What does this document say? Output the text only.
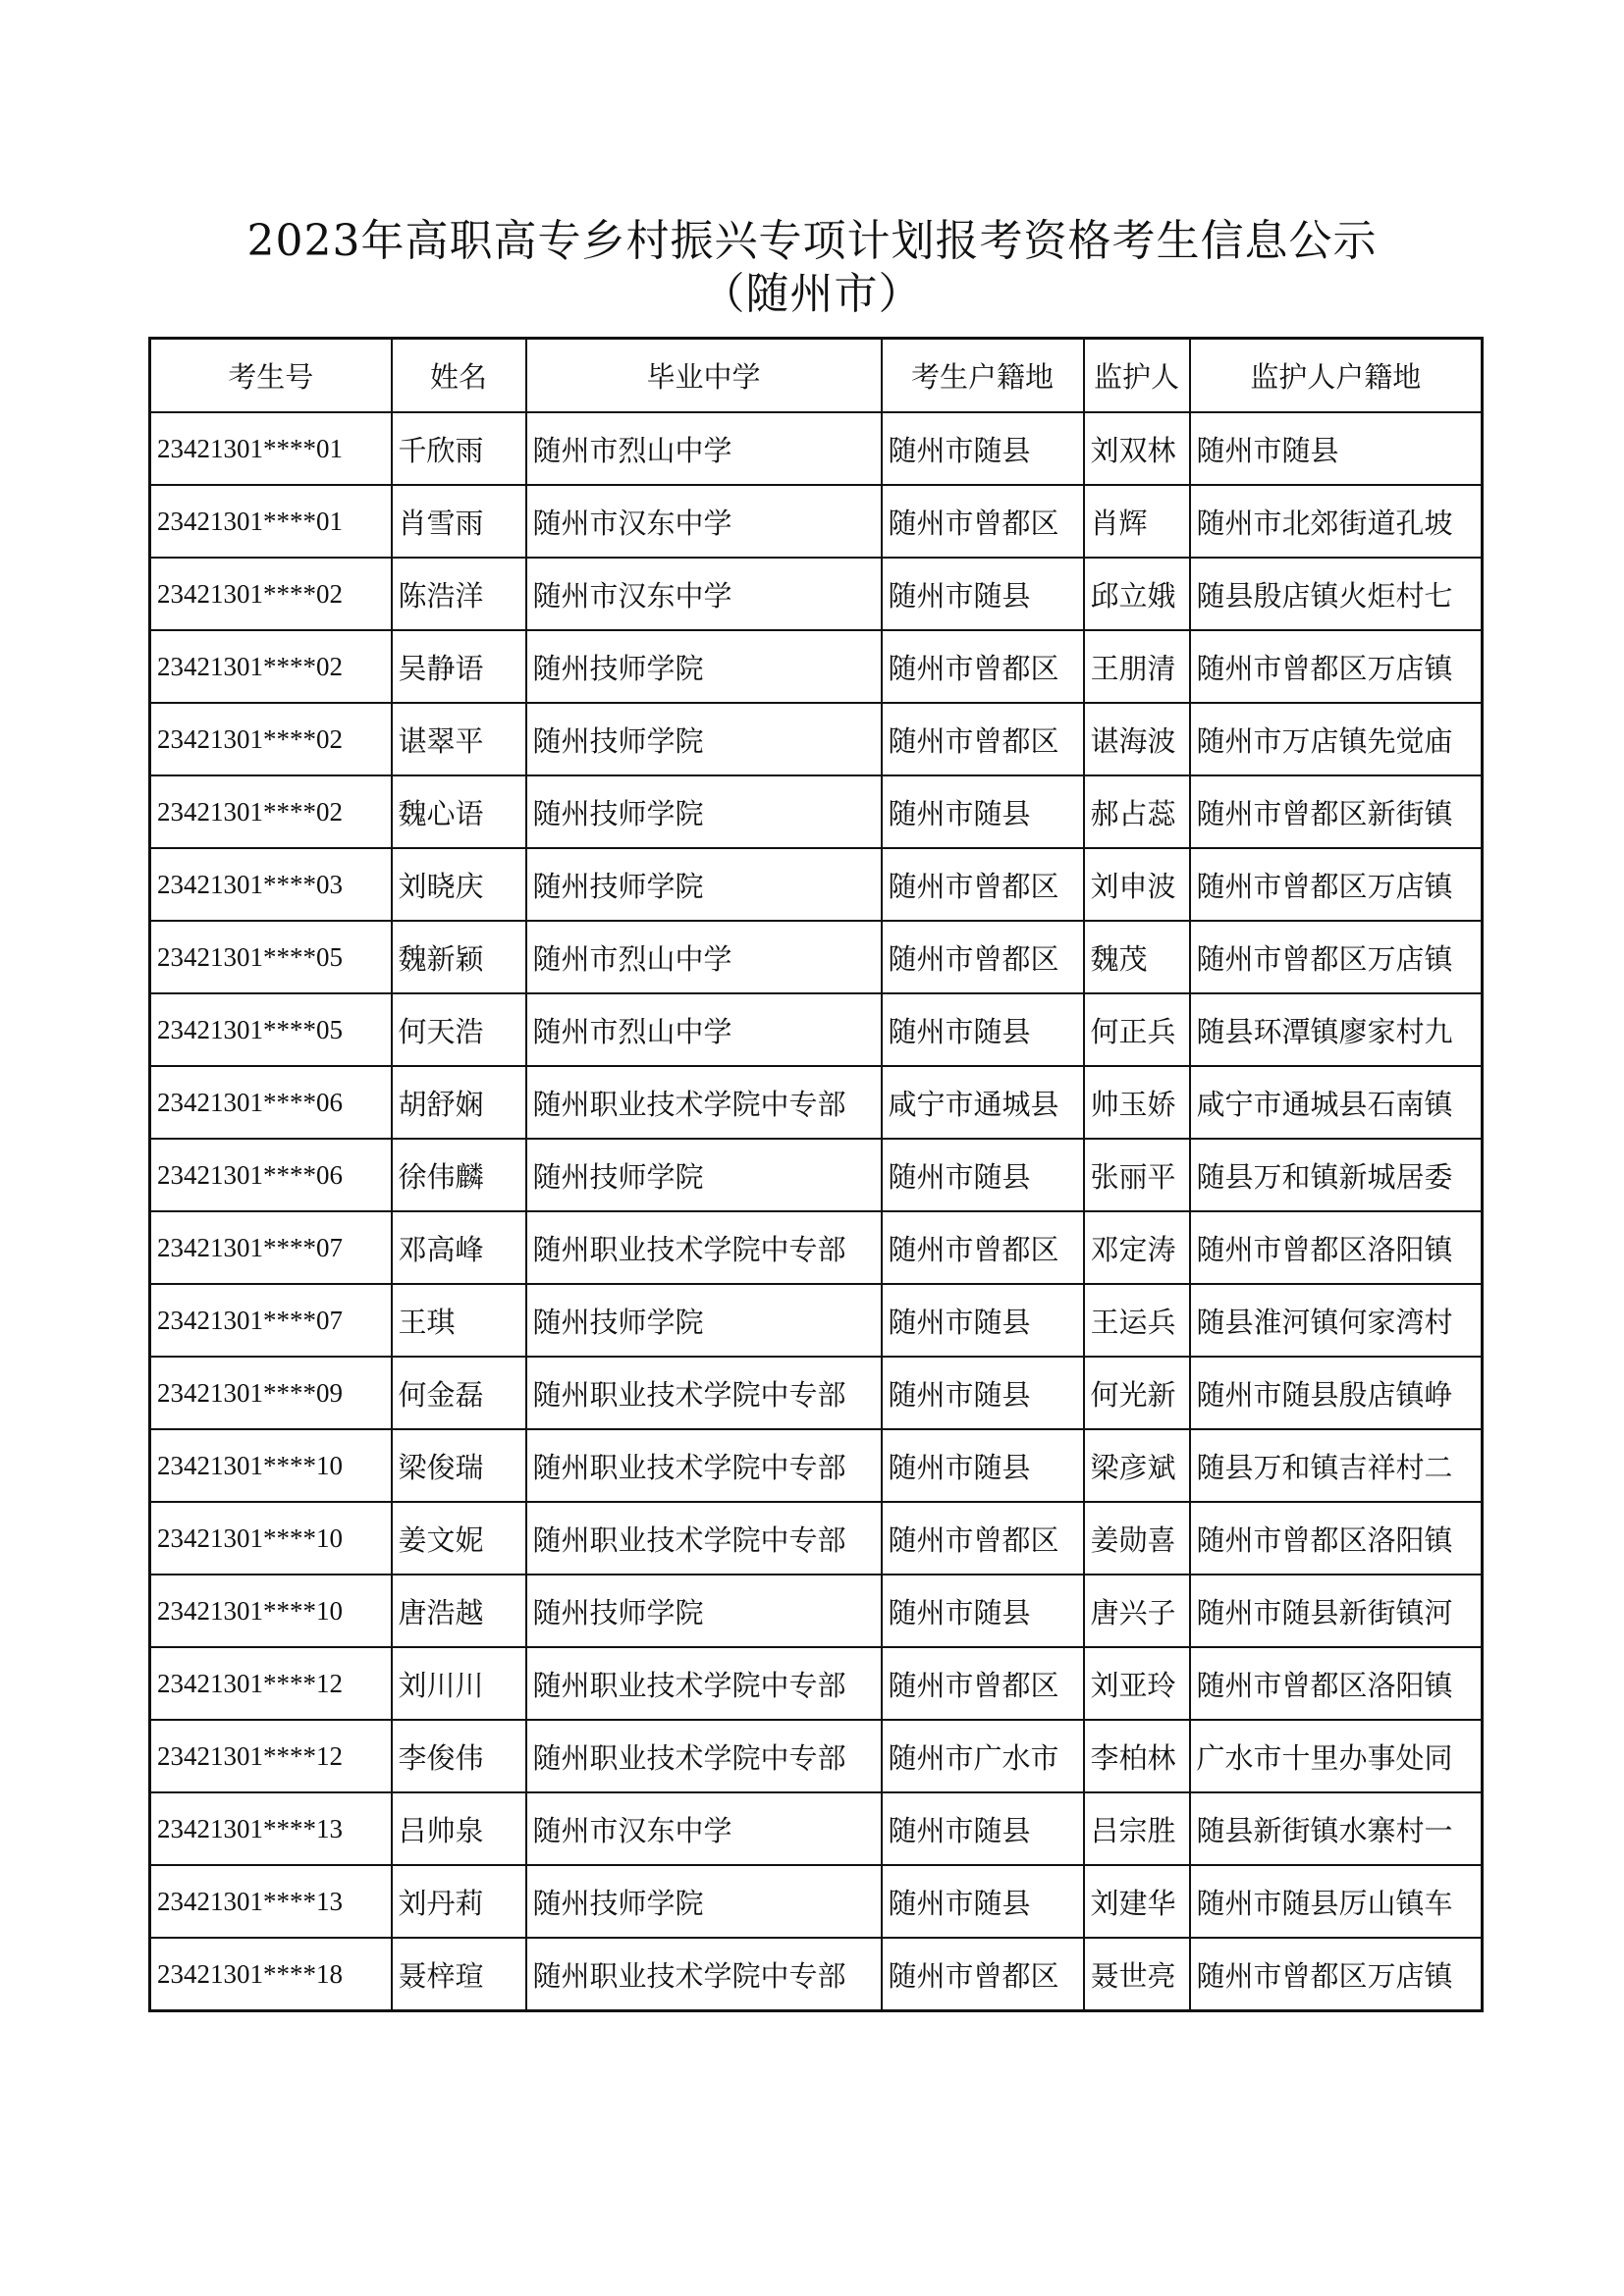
2023年高职高专乡村振兴专项计划报考资格考生信息公示
（随州市）
考生号	姓名	毕业中学	考生户籍地	监护人	监护人户籍地
23421301****01	千欣雨	随州市烈山中学	随州市随县	刘双林	随州市随县
23421301****01	肖雪雨	随州市汉东中学	随州市曾都区	肖辉	随州市北郊街道孔坡
23421301****02	陈浩洋	随州市汉东中学	随州市随县	邱立娥	随县殷店镇火炬村七
23421301****02	吴静语	随州技师学院	随州市曾都区	王朋清	随州市曾都区万店镇
23421301****02	谌翠平	随州技师学院	随州市曾都区	谌海波	随州市万店镇先觉庙
23421301****02	魏心语	随州技师学院	随州市随县	郝占蕊	随州市曾都区新街镇
23421301****03	刘晓庆	随州技师学院	随州市曾都区	刘申波	随州市曾都区万店镇
23421301****05	魏新颖	随州市烈山中学	随州市曾都区	魏茂	随州市曾都区万店镇
23421301****05	何天浩	随州市烈山中学	随州市随县	何正兵	随县环潭镇廖家村九
23421301****06	胡舒娴	随州职业技术学院中专部	咸宁市通城县	帅玉娇	咸宁市通城县石南镇
23421301****06	徐伟麟	随州技师学院	随州市随县	张丽平	随县万和镇新城居委
23421301****07	邓高峰	随州职业技术学院中专部	随州市曾都区	邓定涛	随州市曾都区洛阳镇
23421301****07	王琪	随州技师学院	随州市随县	王运兵	随县淮河镇何家湾村
23421301****09	何金磊	随州职业技术学院中专部	随州市随县	何光新	随州市随县殷店镇峥
23421301****10	梁俊瑞	随州职业技术学院中专部	随州市随县	梁彦斌	随县万和镇吉祥村二
23421301****10	姜文妮	随州职业技术学院中专部	随州市曾都区	姜勋喜	随州市曾都区洛阳镇
23421301****10	唐浩越	随州技师学院	随州市随县	唐兴子	随州市随县新街镇河
23421301****12	刘川川	随州职业技术学院中专部	随州市曾都区	刘亚玲	随州市曾都区洛阳镇
23421301****12	李俊伟	随州职业技术学院中专部	随州市广水市	李柏林	广水市十里办事处同
23421301****13	吕帅泉	随州市汉东中学	随州市随县	吕宗胜	随县新街镇水寨村一
23421301****13	刘丹莉	随州技师学院	随州市随县	刘建华	随州市随县厉山镇车
23421301****18	聂梓瑄	随州职业技术学院中专部	随州市曾都区	聂世亮	随州市曾都区万店镇
